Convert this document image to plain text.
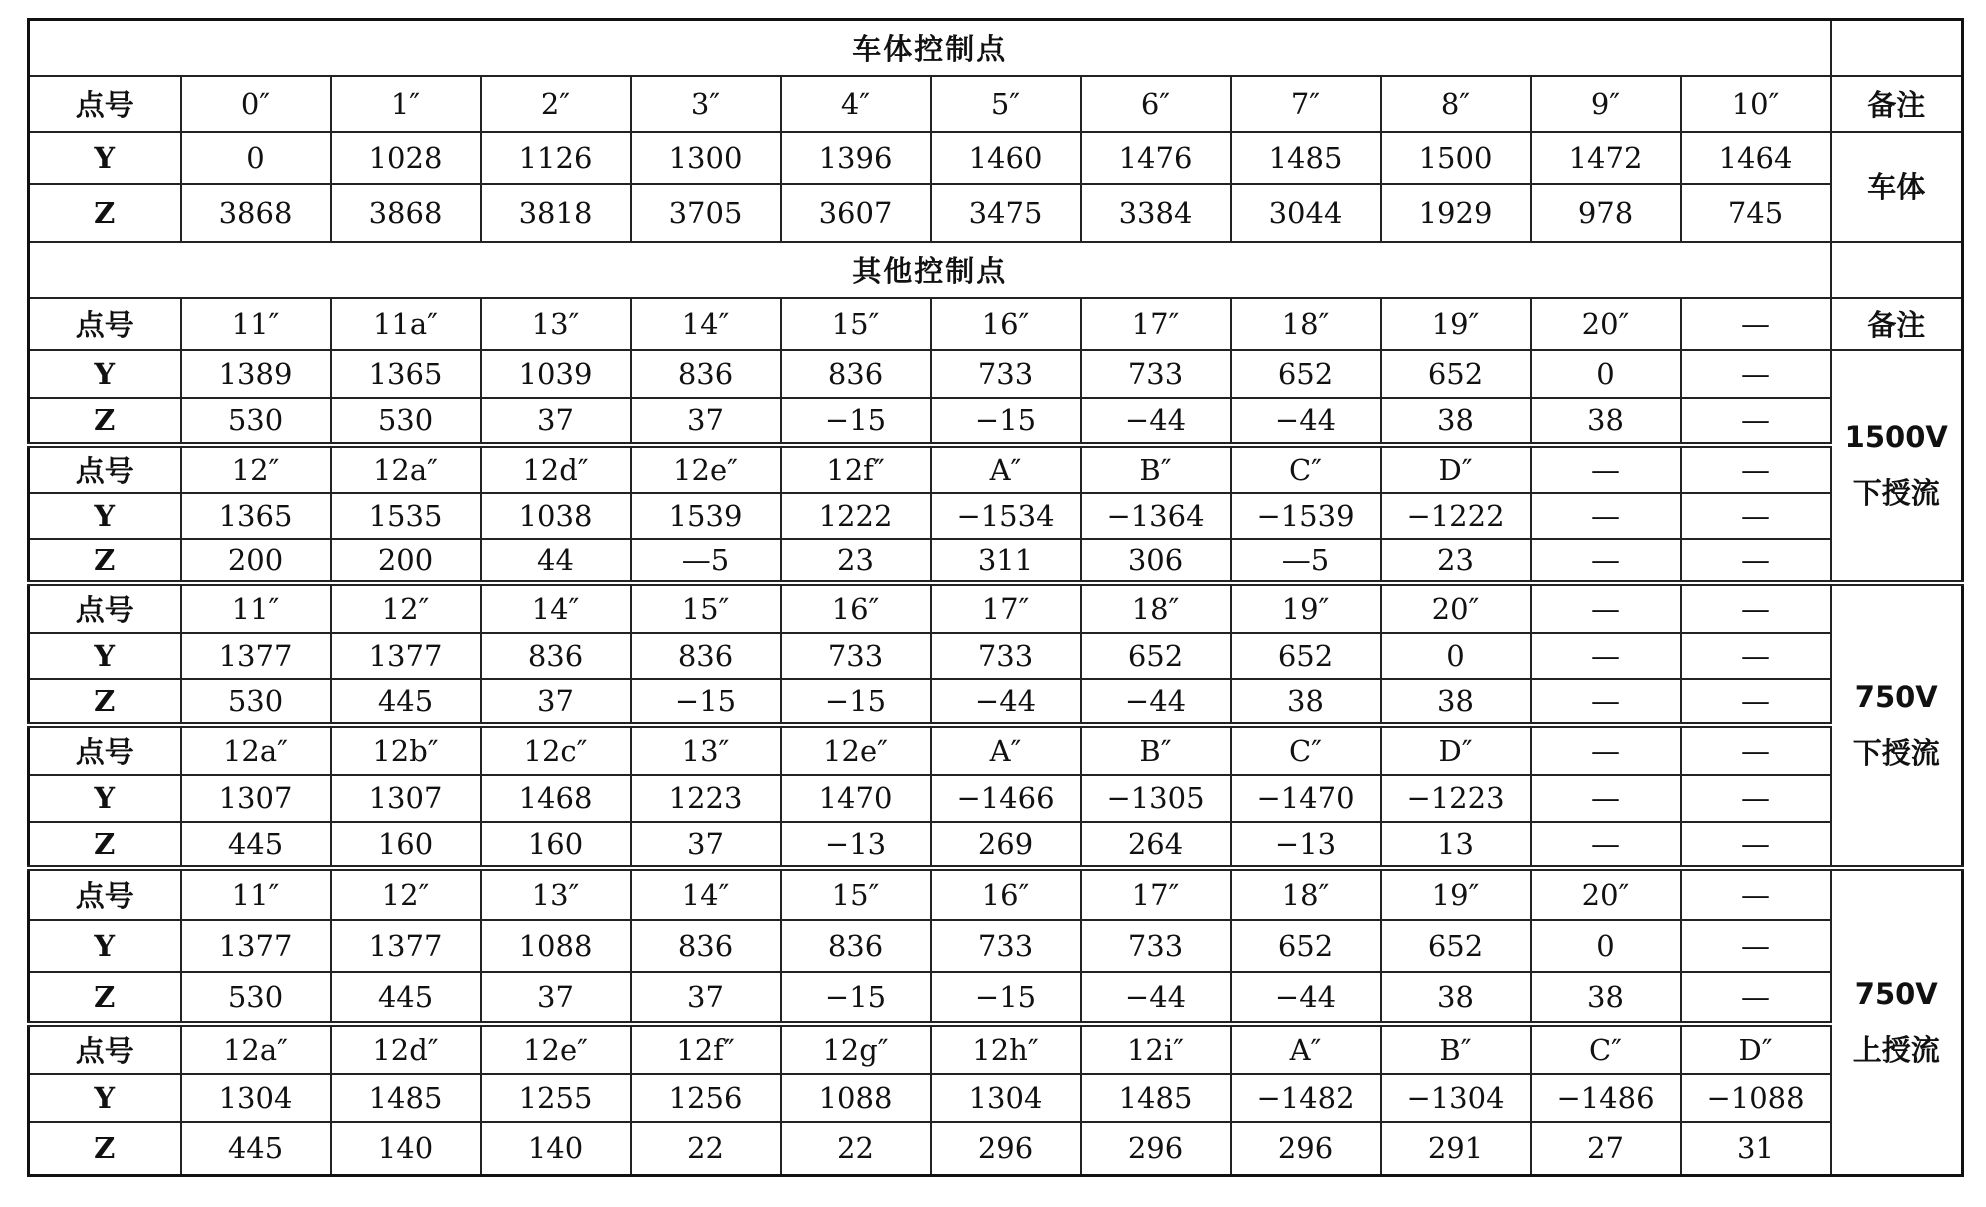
车体控制点												
点号	0″	1″	2″	3″	4″	5″	6″	7″	8″	9″	10″	备注
Y	0	1028	1126	1300	1396	1460	1476	1485	1500	1472	1464	车体
Z	3868	3868	3818	3705	3607	3475	3384	3044	1929	978	745	
其他控制点												
点号	11″	11a″	13″	14″	15″	16″	17″	18″	19″	20″	—	备注
Y	1389	1365	1039	836	836	733	733	652	652	0	—	1500V
下授流

Z	530	530	37	37	−15	−15	−44	−44	38	38	—	
点号	12″	12a″	12d″	12e″	12f″	A″	B″	C″	D″	—	—	
Y	1365	1535	1038	1539	1222	−1534	−1364	−1539	−1222	—	—	
Z	200	200	44	—5	23	311	306	—5	23	—	—	
点号	11″	12″	14″	15″	16″	17″	18″	19″	20″	—	—	750V
下授流

Y	1377	1377	836	836	733	733	652	652	0	—	—	
Z	530	445	37	−15	−15	−44	−44	38	38	—	—	
点号	12a″	12b″	12c″	13″	12e″	A″	B″	C″	D″	—	—	
Y	1307	1307	1468	1223	1470	−1466	−1305	−1470	−1223	—	—	
Z	445	160	160	37	−13	269	264	−13	13	—	—	
点号	11″	12″	13″	14″	15″	16″	17″	18″	19″	20″	—	750V
上授流

Y	1377	1377	1088	836	836	733	733	652	652	0	—	
Z	530	445	37	37	−15	−15	−44	−44	38	38	—	
点号	12a″	12d″	12e″	12f″	12g″	12h″	12i″	A″	B″	C″	D″	
Y	1304	1485	1255	1256	1088	1304	1485	−1482	−1304	−1486	−1088	
Z	445	140	140	22	22	296	296	296	291	27	31	
